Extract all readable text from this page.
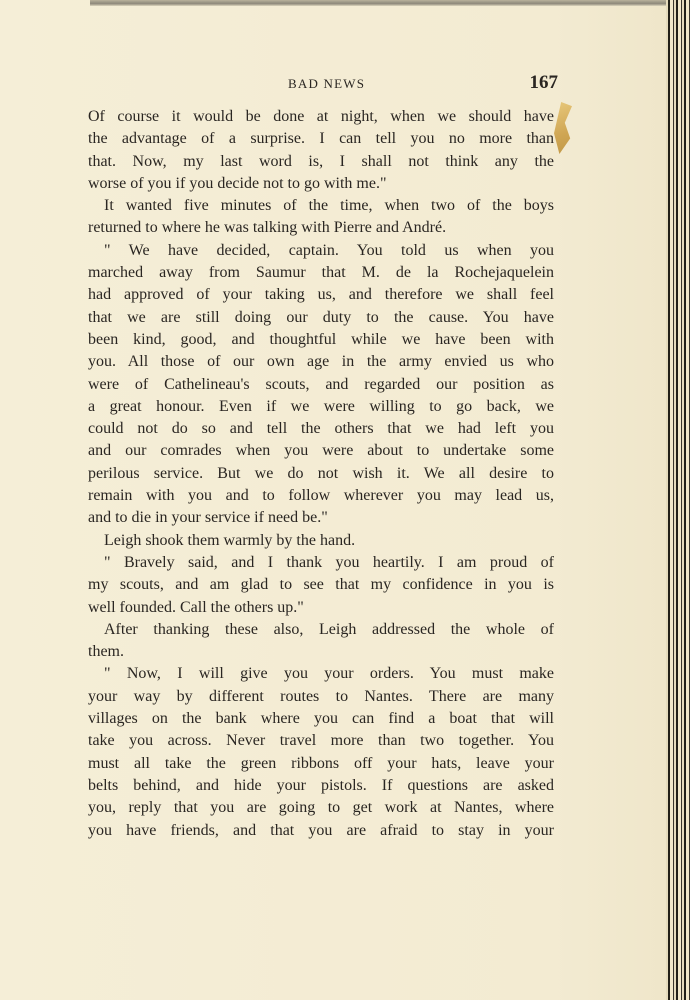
BAD NEWS	167
Of course it would be done at night, when we should have
the advantage of a surprise. I can tell you no more than
that. Now, my last word is, I shall not think any the
worse of you if you decide not to go with me."
It wanted five minutes of the time, when two of the boys
returned to where he was talking with Pierre and André.
" We have decided, captain. You told us when you
marched away from Saumur that M. de la Rochejaquelein
had approved of your taking us, and therefore we shall feel
that we are still doing our duty to the cause. You have
been kind, good, and thoughtful while we have been with
you. All those of our own age in the army envied us who
were of Cathelineau's scouts, and regarded our position as
a great honour. Even if we were willing to go back, we
could not do so and tell the others that we had left you
and our comrades when you were about to undertake some
perilous service. But we do not wish it. We all desire to
remain with you and to follow wherever you may lead us,
and to die in your service if need be."
Leigh shook them warmly by the hand.
" Bravely said, and I thank you heartily. I am proud of
my scouts, and am glad to see that my confidence in you is
well founded. Call the others up."
After thanking these also, Leigh addressed the whole of
them.
" Now, I will give you your orders. You must make
your way by different routes to Nantes. There are many
villages on the bank where you can find a boat that will
take you across. Never travel more than two together. You
must all take the green ribbons off your hats, leave your
belts behind, and hide your pistols. If questions are asked
you, reply that you are going to get work at Nantes, where
you have friends, and that you are afraid to stay in your
